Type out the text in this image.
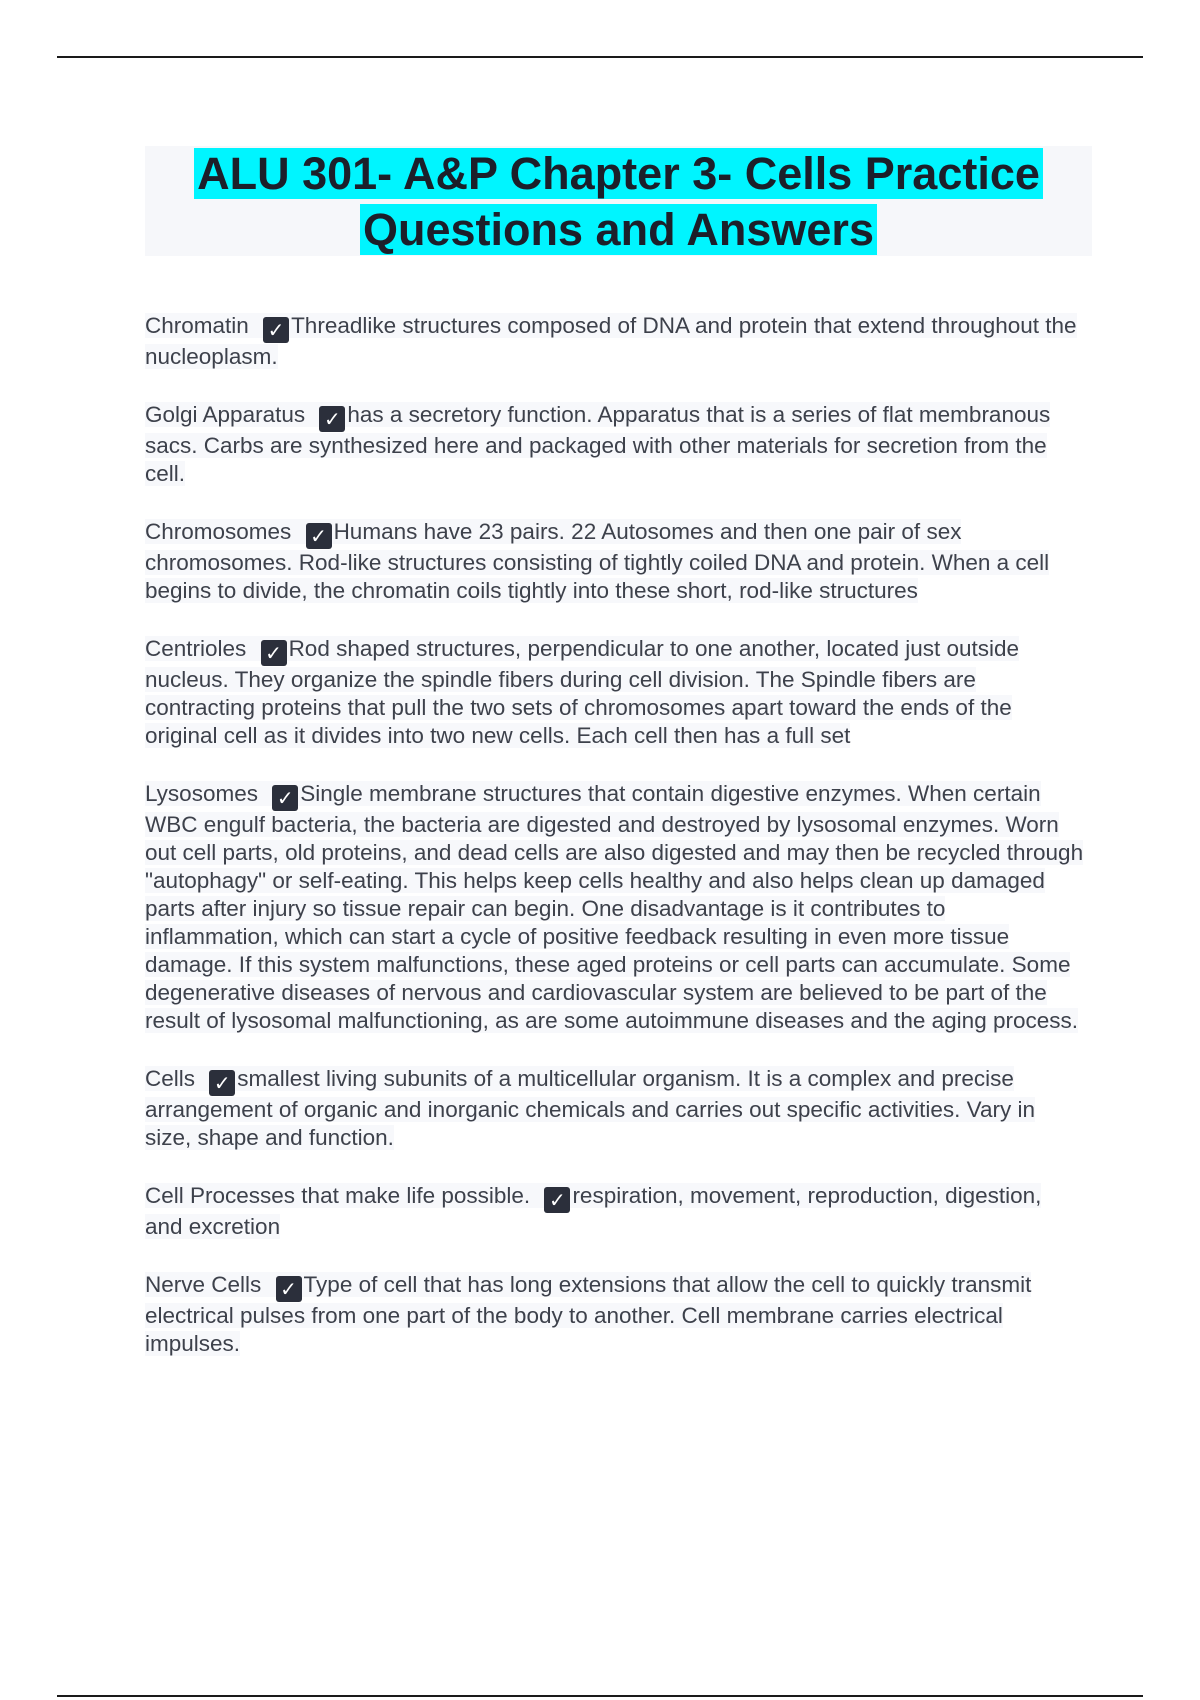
ALU 301- A&P Chapter 3- Cells Practice
Questions and Answers

Chromatin ✓ Threadlike structures composed of DNA and protein that extend throughout the nucleoplasm.

Golgi Apparatus ✓ has a secretory function. Apparatus that is a series of flat membranous sacs. Carbs are synthesized here and packaged with other materials for secretion from the cell.

Chromosomes ✓ Humans have 23 pairs. 22 Autosomes and then one pair of sex chromosomes. Rod-like structures consisting of tightly coiled DNA and protein. When a cell begins to divide, the chromatin coils tightly into these short, rod-like structures

Centrioles ✓ Rod shaped structures, perpendicular to one another, located just outside nucleus. They organize the spindle fibers during cell division. The Spindle fibers are contracting proteins that pull the two sets of chromosomes apart toward the ends of the original cell as it divides into two new cells. Each cell then has a full set

Lysosomes ✓ Single membrane structures that contain digestive enzymes. When certain WBC engulf bacteria, the bacteria are digested and destroyed by lysosomal enzymes. Worn out cell parts, old proteins, and dead cells are also digested and may then be recycled through "autophagy" or self-eating. This helps keep cells healthy and also helps clean up damaged parts after injury so tissue repair can begin. One disadvantage is it contributes to inflammation, which can start a cycle of positive feedback resulting in even more tissue damage. If this system malfunctions, these aged proteins or cell parts can accumulate. Some degenerative diseases of nervous and cardiovascular system are believed to be part of the result of lysosomal malfunctioning, as are some autoimmune diseases and the aging process.

Cells ✓ smallest living subunits of a multicellular organism. It is a complex and precise arrangement of organic and inorganic chemicals and carries out specific activities. Vary in size, shape and function.

Cell Processes that make life possible. ✓ respiration, movement, reproduction, digestion, and excretion

Nerve Cells ✓ Type of cell that has long extensions that allow the cell to quickly transmit electrical pulses from one part of the body to another. Cell membrane carries electrical impulses.
